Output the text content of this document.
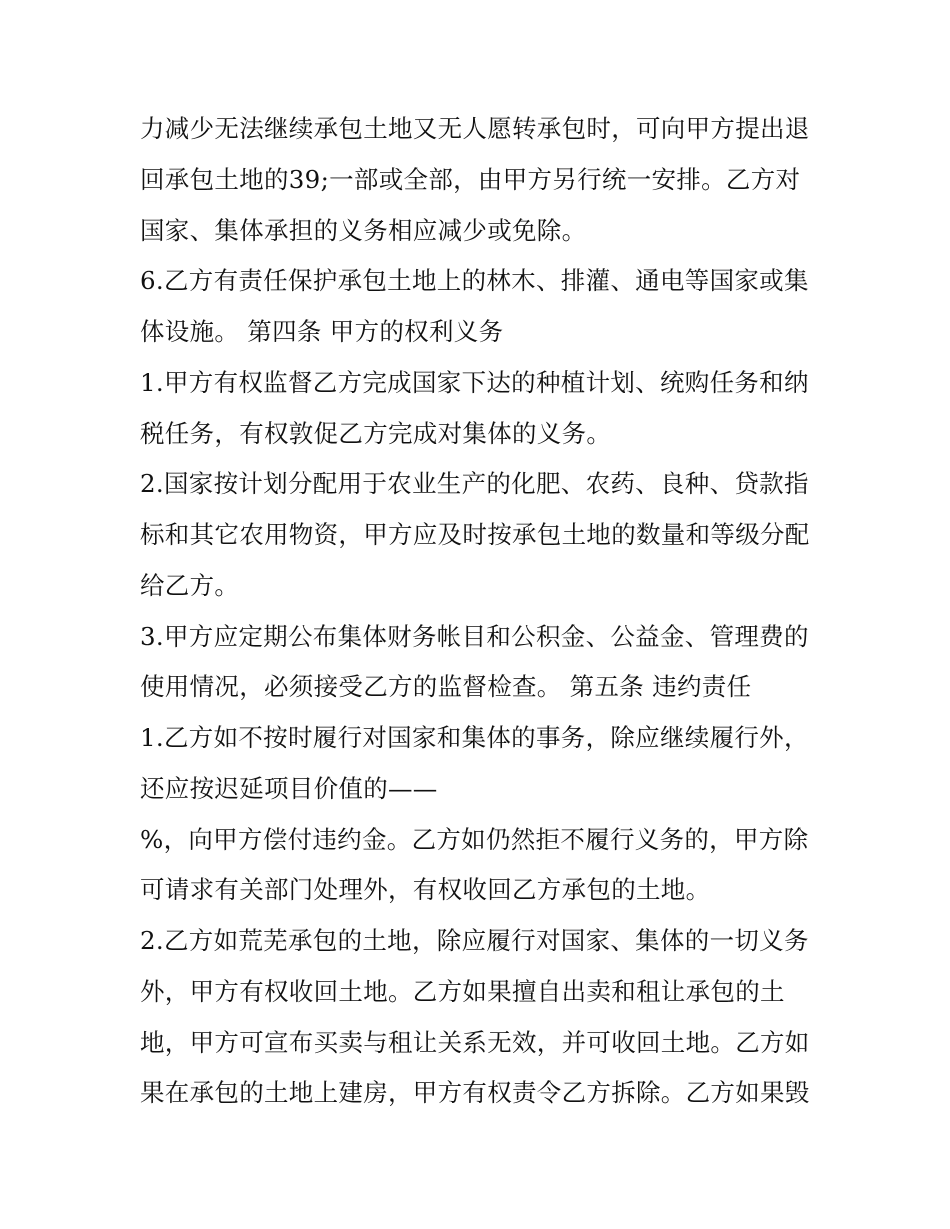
力减少无法继续承包土地又无人愿转承包时，可向甲方提出退
回承包土地的39;一部或全部，由甲方另行统一安排。乙方对
国家、集体承担的义务相应减少或免除。
6.乙方有责任保护承包土地上的林木、排灌、通电等国家或集
体设施。 第四条 甲方的权利义务
1.甲方有权监督乙方完成国家下达的种植计划、统购任务和纳
税任务，有权敦促乙方完成对集体的义务。
2.国家按计划分配用于农业生产的化肥、农药、良种、贷款指
标和其它农用物资，甲方应及时按承包土地的数量和等级分配
给乙方。
3.甲方应定期公布集体财务帐目和公积金、公益金、管理费的
使用情况，必须接受乙方的监督检查。 第五条 违约责任
1.乙方如不按时履行对国家和集体的事务，除应继续履行外，
还应按迟延项目价值的——
%，向甲方偿付违约金。乙方如仍然拒不履行义务的，甲方除
可请求有关部门处理外，有权收回乙方承包的土地。
2.乙方如荒芜承包的土地，除应履行对国家、集体的一切义务
外，甲方有权收回土地。乙方如果擅自出卖和租让承包的土
地，甲方可宣布买卖与租让关系无效，并可收回土地。乙方如
果在承包的土地上建房，甲方有权责令乙方拆除。乙方如果毁
